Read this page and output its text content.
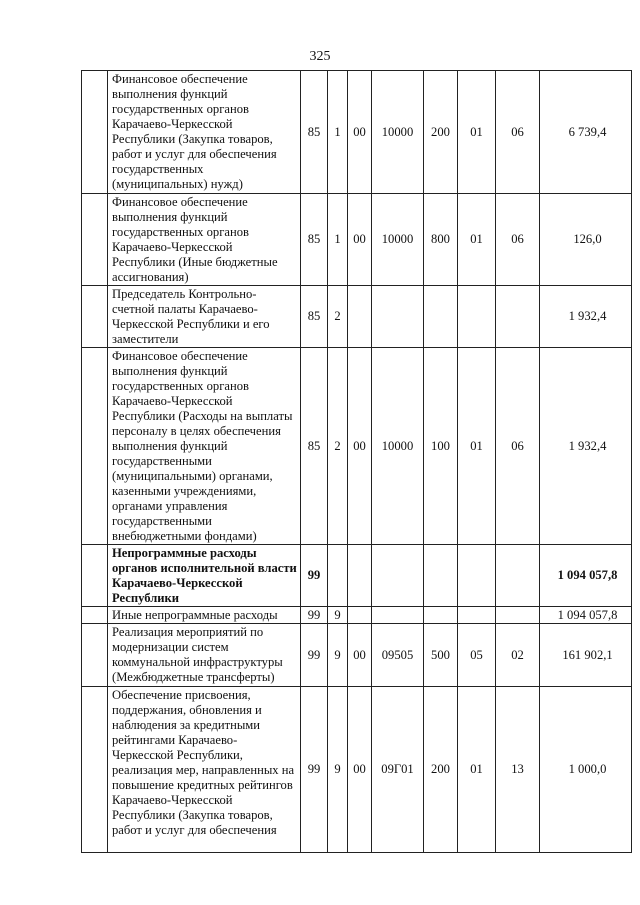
325
	Финансовое обеспечение выполнения функций государственных органов Карачаево-Черкесской Республики (Закупка товаров, работ и услуг для обеспечения государственных (муниципальных) нужд)	85	1	00	10000	200	01	06	6 739,4
	Финансовое обеспечение выполнения функций государственных органов Карачаево-Черкесской Республики (Иные бюджетные ассигнования)	85	1	00	10000	800	01	06	126,0
	Председатель Контрольно-счетной палаты Карачаево-Черкесской Республики и его заместители	85	2						1 932,4
	Финансовое обеспечение выполнения функций государственных органов Карачаево-Черкесской Республики (Расходы на выплаты персоналу в целях обеспечения выполнения функций государственными (муниципальными) органами, казенными учреждениями, органами управления государственными внебюджетными фондами)	85	2	00	10000	100	01	06	1 932,4
	Непрограммные расходы органов исполнительной власти Карачаево-Черкесской Республики	99							1 094 057,8
	Иные непрограммные расходы	99	9						1 094 057,8
	Реализация мероприятий по модернизации систем коммунальной инфраструктуры (Межбюджетные трансферты)	99	9	00	09505	500	05	02	161 902,1
	Обеспечение присвоения, поддержания, обновления и наблюдения за кредитными рейтингами Карачаево-Черкесской Республики, реализация мер, направленных на повышение кредитных рейтингов Карачаево-Черкесской Республики (Закупка товаров, работ и услуг для обеспечения	99	9	00	09Г01	200	01	13	1 000,0
